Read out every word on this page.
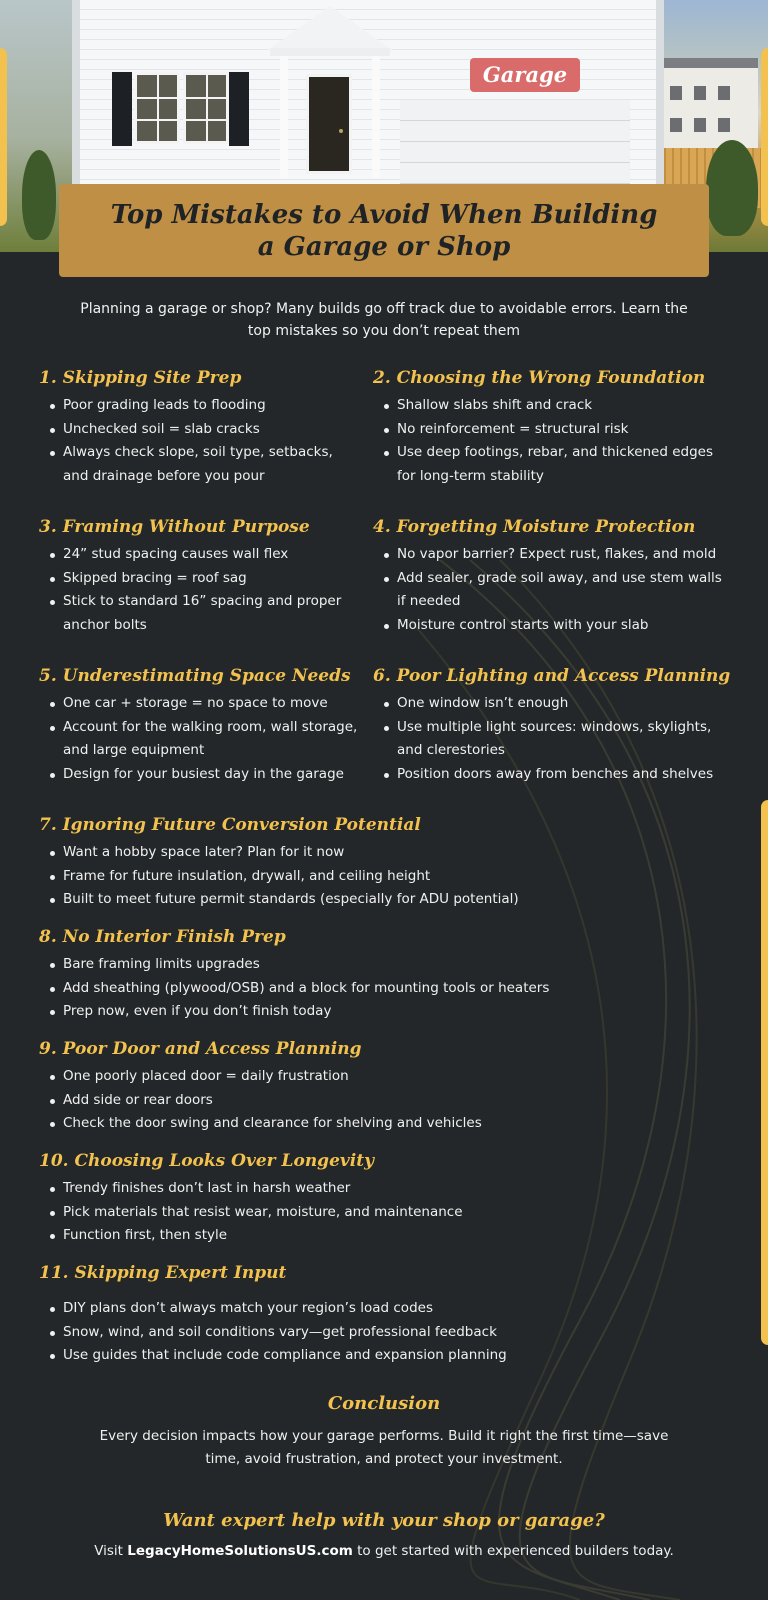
Garage
Top Mistakes to Avoid When Building a Garage or Shop

Planning a garage or shop? Many builds go off track due to avoidable errors. Learn the top mistakes so you don’t repeat them

1. Skipping Site Prep
Poor grading leads to flooding
Unchecked soil = slab cracks
Always check slope, soil type, setbacks, and drainage before you pour
2. Choosing the Wrong Foundation
Shallow slabs shift and crack
No reinforcement = structural risk
Use deep footings, rebar, and thickened edges for long-term stability
3. Framing Without Purpose
24” stud spacing causes wall flex
Skipped bracing = roof sag
Stick to standard 16” spacing and proper anchor bolts
4. Forgetting Moisture Protection
No vapor barrier? Expect rust, flakes, and mold
Add sealer, grade soil away, and use stem walls if needed
Moisture control starts with your slab
5. Underestimating Space Needs
One car + storage = no space to move
Account for the walking room, wall storage, and large equipment
Design for your busiest day in the garage
6. Poor Lighting and Access Planning
One window isn’t enough
Use multiple light sources: windows, skylights, and clerestories
Position doors away from benches and shelves
7. Ignoring Future Conversion Potential
Want a hobby space later? Plan for it now
Frame for future insulation, drywall, and ceiling height
Built to meet future permit standards (especially for ADU potential)
8. No Interior Finish Prep
Bare framing limits upgrades
Add sheathing (plywood/OSB) and a block for mounting tools or heaters
Prep now, even if you don’t finish today
9. Poor Door and Access Planning
One poorly placed door = daily frustration
Add side or rear doors
Check the door swing and clearance for shelving and vehicles
10. Choosing Looks Over Longevity
Trendy finishes don’t last in harsh weather
Pick materials that resist wear, moisture, and maintenance
Function first, then style
11. Skipping Expert Input
DIY plans don’t always match your region’s load codes
Snow, wind, and soil conditions vary—get professional feedback
Use guides that include code compliance and expansion planning
Conclusion

Every decision impacts how your garage performs. Build it right the first time—save time, avoid frustration, and protect your investment.

Want expert help with your shop or garage?

Visit LegacyHomeSolutionsUS.com to get started with experienced builders today.
